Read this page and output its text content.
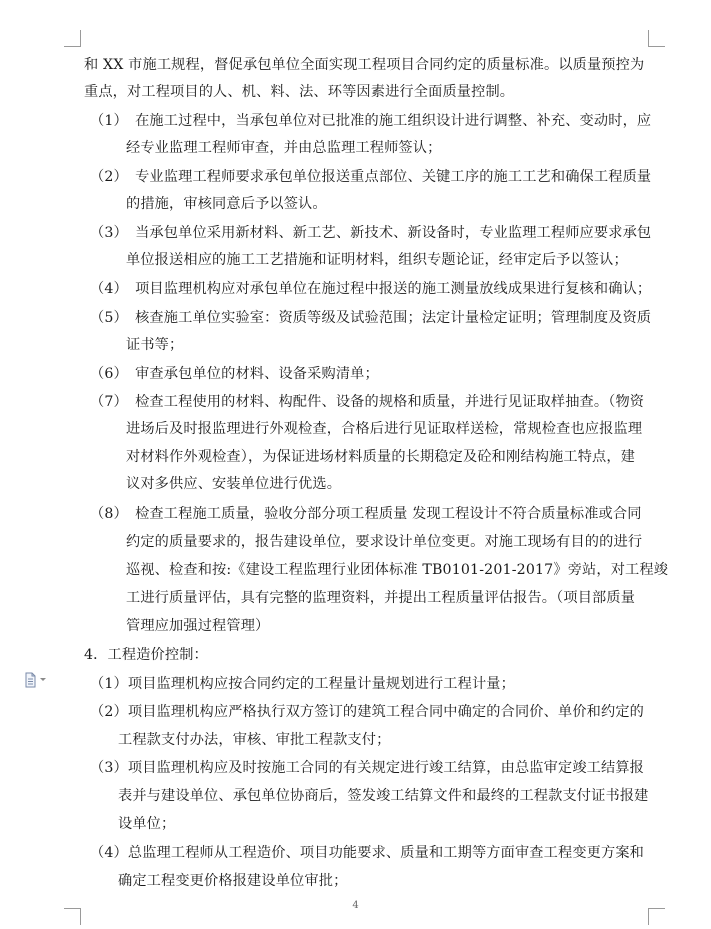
和 XX 市施工规程，督促承包单位全面实现工程项目合同约定的质量标准。以质量预控为
重点，对工程项目的人、机、料、法、环等因素进行全面质量控制。
（1）　在施工过程中，当承包单位对已批准的施工组织设计进行调整、补充、变动时，应
经专业监理工程师审查，并由总监理工程师签认；
（2）　专业监理工程师要求承包单位报送重点部位、关键工序的施工工艺和确保工程质量
的措施，审核同意后予以签认。
（3）　当承包单位采用新材料、新工艺、新技术、新设备时，专业监理工程师应要求承包
单位报送相应的施工工艺措施和证明材料，组织专题论证，经审定后予以签认；
（4）　项目监理机构应对承包单位在施过程中报送的施工测量放线成果进行复核和确认；
（5）　核查施工单位实验室：资质等级及试验范围；法定计量检定证明；管理制度及资质
证书等；
（6）　审查承包单位的材料、设备采购清单；
（7）　检查工程使用的材料、构配件、设备的规格和质量，并进行见证取样抽查。（物资
进场后及时报监理进行外观检查，合格后进行见证取样送检，常规检查也应报监理
对材料作外观检查），为保证进场材料质量的长期稳定及砼和刚结构施工特点，建
议对多供应、安装单位进行优选。
（8）　检查工程施工质量，验收分部分项工程质量 发现工程设计不符合质量标准或合同
约定的质量要求的，报告建设单位，要求设计单位变更。对施工现场有目的的进行
巡视、检查和按:《建设工程监理行业团体标准 TB0101-201-2017》旁站，对工程竣
工进行质量评估，具有完整的监理资料，并提出工程质量评估报告。（项目部质量
管理应加强过程管理）
4．工程造价控制：
（1）项目监理机构应按合同约定的工程量计量规划进行工程计量；
（2）项目监理机构应严格执行双方签订的建筑工程合同中确定的合同价、单价和约定的
工程款支付办法，审核、审批工程款支付；
（3）项目监理机构应及时按施工合同的有关规定进行竣工结算，由总监审定竣工结算报
表并与建设单位、承包单位协商后，签发竣工结算文件和最终的工程款支付证书报建
设单位；
（4）总监理工程师从工程造价、项目功能要求、质量和工期等方面审查工程变更方案和
确定工程变更价格报建设单位审批；
4
